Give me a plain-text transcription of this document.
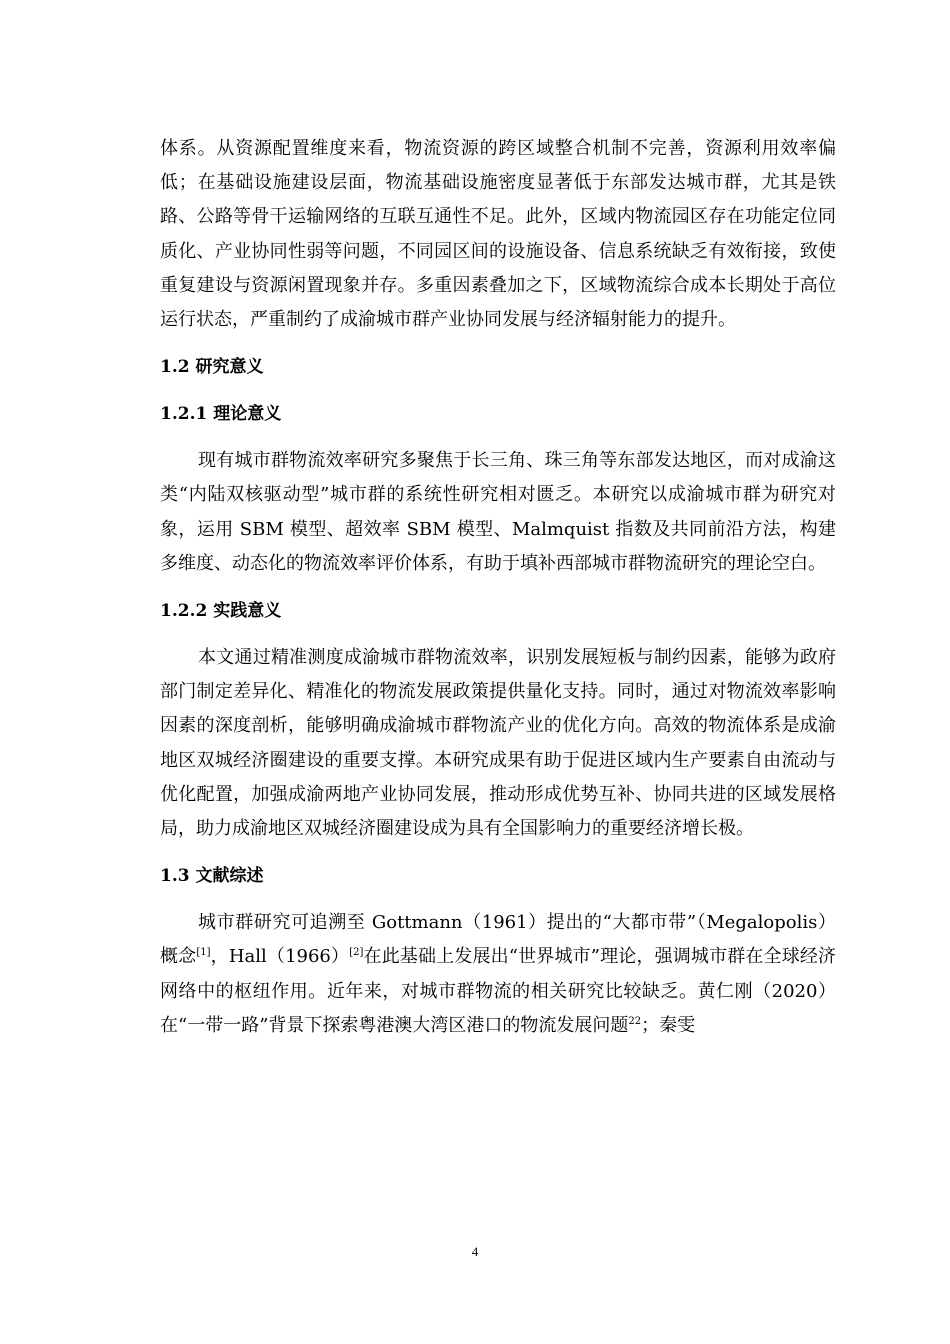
体系。从资源配置维度来看，物流资源的跨区域整合机制不完善，资源利用效率偏低；在基础设施建设层面，物流基础设施密度显著低于东部发达城市群，尤其是铁路、公路等骨干运输网络的互联互通性不足。此外，区域内物流园区存在功能定位同质化、产业协同性弱等问题，不同园区间的设施设备、信息系统缺乏有效衔接，致使重复建设与资源闲置现象并存。多重因素叠加之下，区域物流综合成本长期处于高位运行状态，严重制约了成渝城市群产业协同发展与经济辐射能力的提升。

1.2 研究意义
1.2.1 理论意义

现有城市群物流效率研究多聚焦于长三角、珠三角等东部发达地区，而对成渝这类“内陆双核驱动型”城市群的系统性研究相对匮乏。本研究以成渝城市群为研究对象，运用 SBM 模型、超效率 SBM 模型、Malmquist 指数及共同前沿方法，构建多维度、动态化的物流效率评价体系，有助于填补西部城市群物流研究的理论空白。

1.2.2 实践意义

本文通过精准测度成渝城市群物流效率，识别发展短板与制约因素，能够为政府部门制定差异化、精准化的物流发展政策提供量化支持。同时，通过对物流效率影响因素的深度剖析，能够明确成渝城市群物流产业的优化方向。高效的物流体系是成渝地区双城经济圈建设的重要支撑。本研究成果有助于促进区域内生产要素自由流动与优化配置，加强成渝两地产业协同发展，推动形成优势互补、协同共进的区域发展格局，助力成渝地区双城经济圈建设成为具有全国影响力的重要经济增长极。

1.3 文献综述

城市群研究可追溯至 Gottmann（1961）提出的“大都市带”（Megalopolis）概念[1]，Hall（1966）[2]在此基础上发展出“世界城市”理论，强调城市群在全球经济网络中的枢纽作用。近年来，对城市群物流的相关研究比较缺乏。黄仁刚（2020）在“一带一路”背景下探索粤港澳大湾区港口的物流发展问题$^{22}$；秦雯

4
